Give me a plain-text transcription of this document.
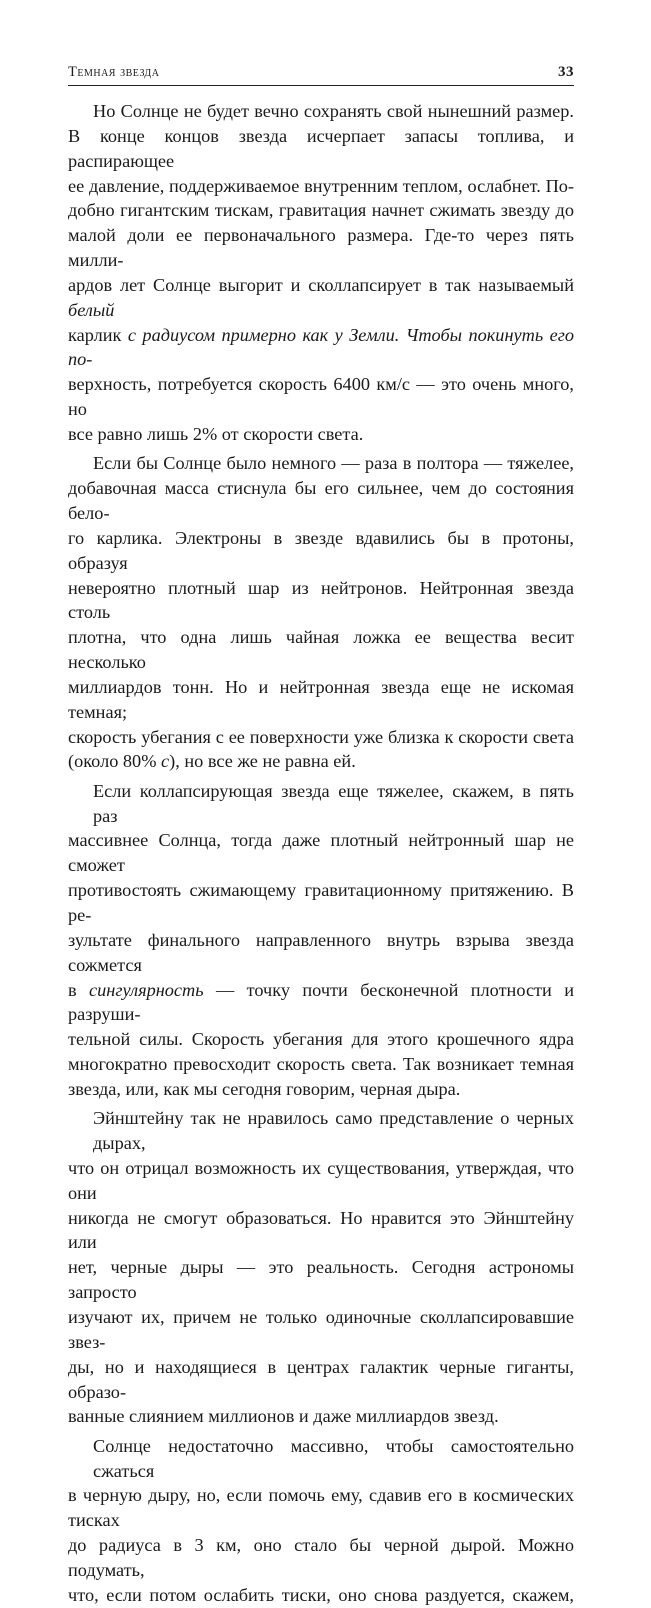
Темная звезда	33

Но Солнце не будет вечно сохранять свой нынешний размер.
В конце концов звезда исчерпает запасы топлива, и распирающее
ее давление, поддерживаемое внутренним теплом, ослабнет. По-
добно гигантским тискам, гравитация начнет сжимать звезду до
малой доли ее первоначального размера. Где-то через пять милли-
ардов лет Солнце выгорит и сколлапсирует в так называемый белый
карлик с радиусом примерно как у Земли. Чтобы покинуть его по-
верхность, потребуется скорость 6400 км/с — это очень много, но
все равно лишь 2% от скорости света.

Если бы Солнце было немного — раза в полтора — тяжелее,
добавочная масса стиснула бы его сильнее, чем до состояния бело-
го карлика. Электроны в звезде вдавились бы в протоны, образуя
невероятно плотный шар из нейтронов. Нейтронная звезда столь
плотна, что одна лишь чайная ложка ее вещества весит несколько
миллиардов тонн. Но и нейтронная звезда еще не искомая темная;
скорость убегания с ее поверхности уже близка к скорости света
(около 80% c), но все же не равна ей.

Если коллапсирующая звезда еще тяжелее, скажем, в пять раз
массивнее Солнца, тогда даже плотный нейтронный шар не сможет
противостоять сжимающему гравитационному притяжению. В ре-
зультате финального направленного внутрь взрыва звезда сожмется
в сингулярность — точку почти бесконечной плотности и разруши-
тельной силы. Скорость убегания для этого крошечного ядра
многократно превосходит скорость света. Так возникает темная
звезда, или, как мы сегодня говорим, черная дыра.

Эйнштейну так не нравилось само представление о черных дырах,
что он отрицал возможность их существования, утверждая, что они
никогда не смогут образоваться. Но нравится это Эйнштейну или
нет, черные дыры — это реальность. Сегодня астрономы запросто
изучают их, причем не только одиночные сколлапсировавшие звез-
ды, но и находящиеся в центрах галактик черные гиганты, образо-
ванные слиянием миллионов и даже миллиардов звезд.

Солнце недостаточно массивно, чтобы самостоятельно сжаться
в черную дыру, но, если помочь ему, сдавив его в космических тисках
до радиуса в 3 км, оно стало бы черной дырой. Можно подумать,
что, если потом ослабить тиски, оно снова раздуется, скажем,
